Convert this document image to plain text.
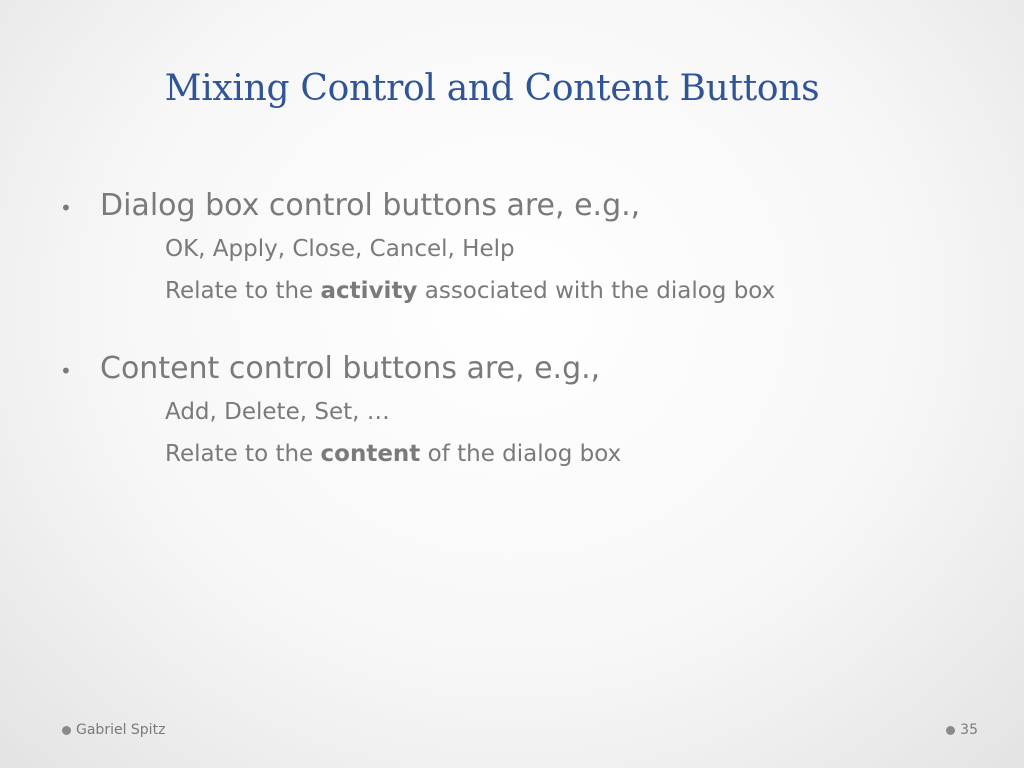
Mixing Control and Content Buttons
• Dialog box control buttons are, e.g.,
OK, Apply, Close, Cancel, Help
Relate to the activity associated with the dialog box
• Content control buttons are, e.g.,
Add, Delete, Set, …
Relate to the content of the dialog box
Gabriel Spitz	35
